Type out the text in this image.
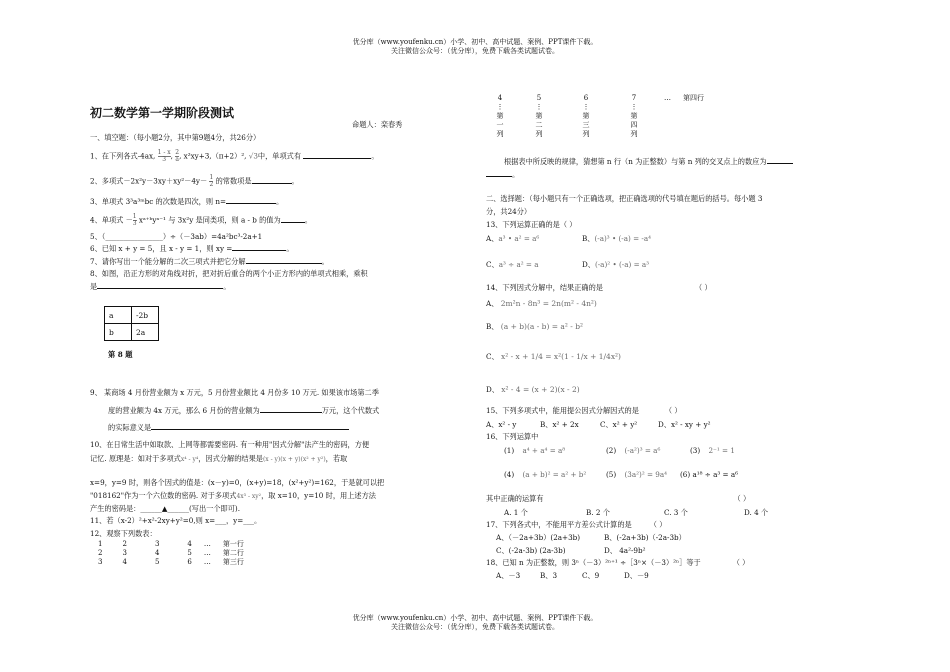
优分库（www.youfenku.cn）小学、初中、高中试题、案例、PPT课件下载。
关注微信公众号：（优分库），免费下载各类试题试卷。
初二数学第一学期阶段测试
命题人：栾春秀
一、填空题：（每小题2分，其中第9题4分，共26分）
1、在下列各式-4ax, $\frac{1 - x}{3}$, $\frac{2}{a}$, x²xy+3,（π+2）², √3中，单项式有	。
2、多项式$-2x^2y-3xy+xy^2-4y- \frac{1}{2}$ 的常数项是	。
3、单项式 3³a³ᵐbc 的次数是四次，则 n=	。
4、单项式 － $\frac{1}{3}$ xᵃ⁺ᵇyᵃ⁻¹ 与 3x²y 是同类项，则 a - b 的值为	。
5、（________________）÷（－3ab）=4a²bc³-2a+1
6、已知 x + y = 5，且 x - y = 1，则 xy =	。
7、请你写出一个能分解的二次三项式并把它分解	。
8、如图，沿正方形的对角线对折，把对折后重合的两个小正方形内的单项式相乘，乘积
是	。
a	-2b
b	2a
第 8 题
9、 某商场 4 月份营业额为 x 万元，5 月份营业额比 4 月份多 10 万元. 如果该市场第二季
度的营业额为 4x 万元，那么 6 月份的营业额为	万元，这个代数式
的实际意义是
10、在日常生活中如取款、上网等都需要密码. 有一种用"因式分解"法产生的密码，方便
记忆. 原理是：如对于多项式x⁴ - y⁴，因式分解的结果是(x - y)(x + y)(x² + y²)，若取
x=9，y=9 时，则各个因式的值是：(x－y)=0，(x+y)=18，(x²+y²)=162，于是就可以把
"018162"作为一个六位数的密码. 对于多项式4x³ - xy²，取 x=10，y=10 时，用上述方法
产生的密码是：______▲______(写出一个即可).
11、若（x-2）²+x²-2xy+y²=0,则 x=___，y=___。
12、观察下列数表：
1	2	3	4	…	第一行
2	3	4	5	…	第二行
3	4	5	6	…	第三行
4	5	6	7	…	第四行
⋮	⋮	⋮	⋮		
第	第	第	第		
一	二	三	四		
列	列	列	列		
根据表中所反映的规律，猜想第 n 行（n 为正整数）与第 n 列的交叉点上的数应为
。
二、选择题：（每小题只有一个正确选项，把正确选项的代号填在题后的括号。每小题 3
分，共24分）
13、下列运算正确的是（ ）
A、a³ • a² = a⁶	B、(-a)³ • (-a) = -a⁴
C、a³ ÷ a² = a	D、(-a)² • (-a) = a³
14、下列因式分解中，结果正确的是	（ ）
A、 2m²n - 8n³ = 2n(m² - 4n²)
B、 (a + b)(a - b) = a² - b²
C、 x² - x + 1/4 = x²(1 - 1/x + 1/4x²)
D、 x² - 4 = (x + 2)(x - 2)
15、下列多项式中，能用提公因式分解因式的是	（ ）
A、x² - y	B、x² + 2x	C、x² + y²	D、x² - xy + y²
16、下列运算中
(1) a⁴ + a⁴ = a⁸	(2) (-a²)³ = a⁶	(3) 2⁻¹ = 1
(4) (a + b)² = a² + b²	(5) (3a²)² = 9a⁴ (6) a¹⁸ ÷ a³ = a⁶
其中正确的运算有	（ ）
A. 1 个	B. 2 个	C. 3 个	D. 4 个
17、下列各式中，不能用平方差公式计算的是	（ ）
A、（－2a+3b）(2a+3b)	B、(-2a+3b)（-2a-3b）
C、(-2a-3b) (2a-3b)	D、 4a²-9b²
18、已知 n 为正整数，则 3ⁿ（－3）²ⁿ⁺¹ ÷［3ⁿ×（－3）²ⁿ］等于	（ ）
A、－3	B、3	C、9	D、－9
优分库（www.youfenku.cn）小学、初中、高中试题、案例、PPT课件下载。
关注微信公众号：（优分库），免费下载各类试题试卷。
